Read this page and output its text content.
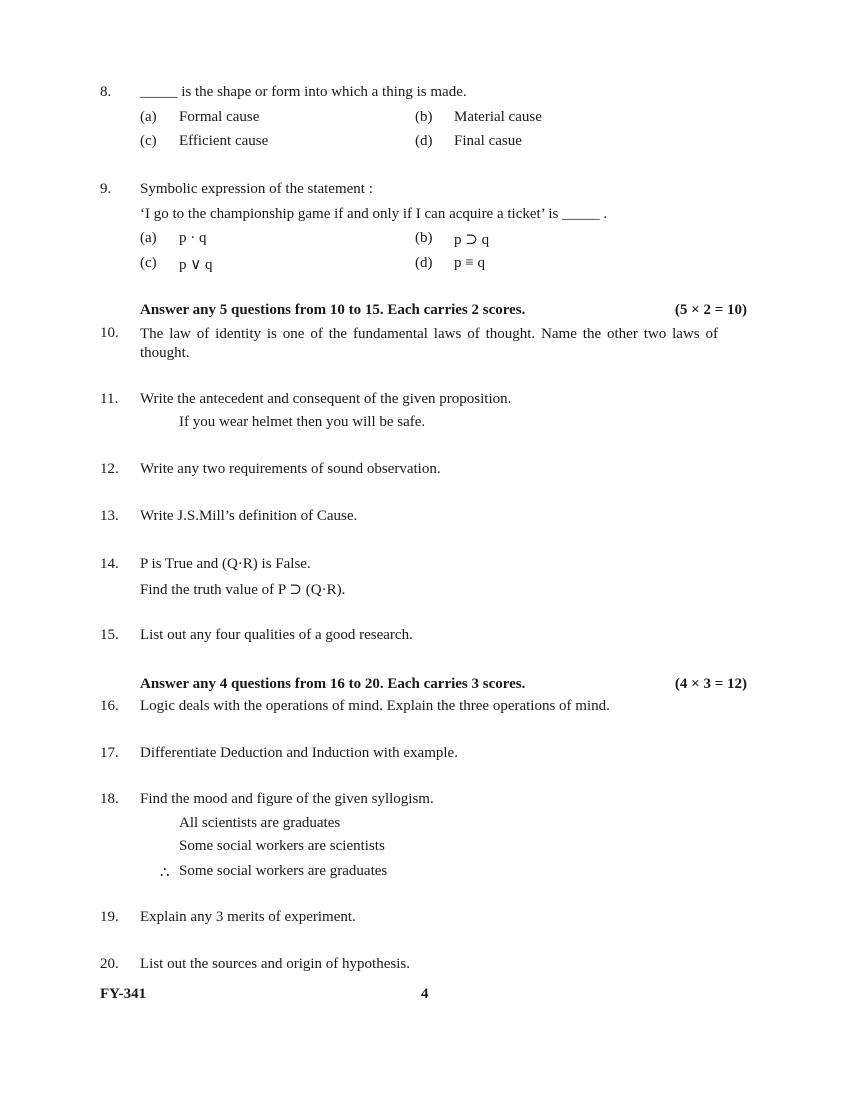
8. _____ is the shape or form into which a thing is made.
(a) Formal cause	(b) Material cause
(c) Efficient cause	(d) Final casue
9. Symbolic expression of the statement :
‘I go to the championship game if and only if I can acquire a ticket’ is _____ .
(a) p · q	(b) p ⊃ q
(c) p ∨ q	(d) p ≡ q
Answer any 5 questions from 10 to 15. Each carries 2 scores.	(5 × 2 = 10)
10. The law of identity is one of the fundamental laws of thought. Name the other two laws of thought.
11. Write the antecedent and consequent of the given proposition.
If you wear helmet then you will be safe.
12. Write any two requirements of sound observation.
13. Write J.S.Mill’s definition of Cause.
14. P is True and (Q·R) is False.
Find the truth value of P ⊃ (Q·R).
15. List out any four qualities of a good research.
Answer any 4 questions from 16 to 20. Each carries 3 scores.	(4 × 3 = 12)
16. Logic deals with the operations of mind. Explain the three operations of mind.
17. Differentiate Deduction and Induction with example.
18. Find the mood and figure of the given syllogism.
All scientists are graduates
Some social workers are scientists
∴ Some social workers are graduates
19. Explain any 3 merits of experiment.
20. List out the sources and origin of hypothesis.
FY-341	4
